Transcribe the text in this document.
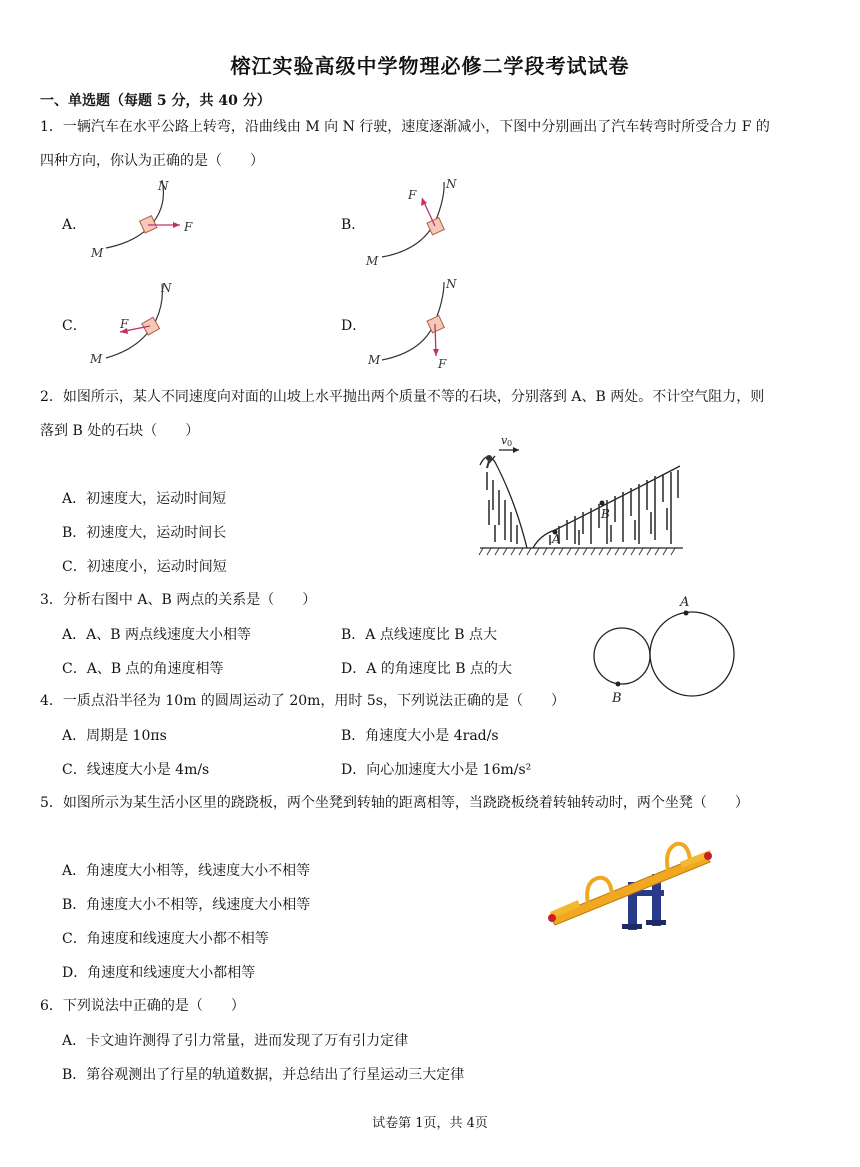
榕江实验高级中学物理必修二学段考试试卷
一、单选题（每题 5 分，共 40 分）
1．一辆汽车在水平公路上转弯，沿曲线由 M 向 N 行驶，速度逐渐减小，下图中分别画出了汽车转弯时所受合力 F 的
四种方向，你认为正确的是（　　）
A．
M
N
F	B．
M
N
F
C．
M
N
F	D．
M
N
F
2．如图所示，某人不同速度向对面的山坡上水平抛出两个质量不等的石块，分别落到 A、B 两处。不计空气阻力，则
落到 B 处的石块（　　）
A．初速度大，运动时间短
B．初速度大，运动时间长
C．初速度小，运动时间短
v 0
A
B
3．分析右图中 A、B 两点的关系是（　　）
A．A、B 两点线速度大小相等	B．A 点线速度比 B 点大
C．A、B 点的角速度相等	D．A 的角速度比 B 点的大
A
B
4．一质点沿半径为 10m 的圆周运动了 20m，用时 5s，下列说法正确的是（　　）
A．周期是 10πs	B．角速度大小是 4rad/s
C．线速度大小是 4m/s	D．向心加速度大小是 16m/s²
5．如图所示为某生活小区里的跷跷板，两个坐凳到转轴的距离相等，当跷跷板绕着转轴转动时，两个坐凳（　　）
A．角速度大小相等，线速度大小不相等
B．角速度大小不相等，线速度大小相等
C．角速度和线速度大小都不相等
D．角速度和线速度大小都相等
6．下列说法中正确的是（　　）
A．卡文迪许测得了引力常量，进而发现了万有引力定律
B．第谷观测出了行星的轨道数据，并总结出了行星运动三大定律
试卷第 1页，共 4页
